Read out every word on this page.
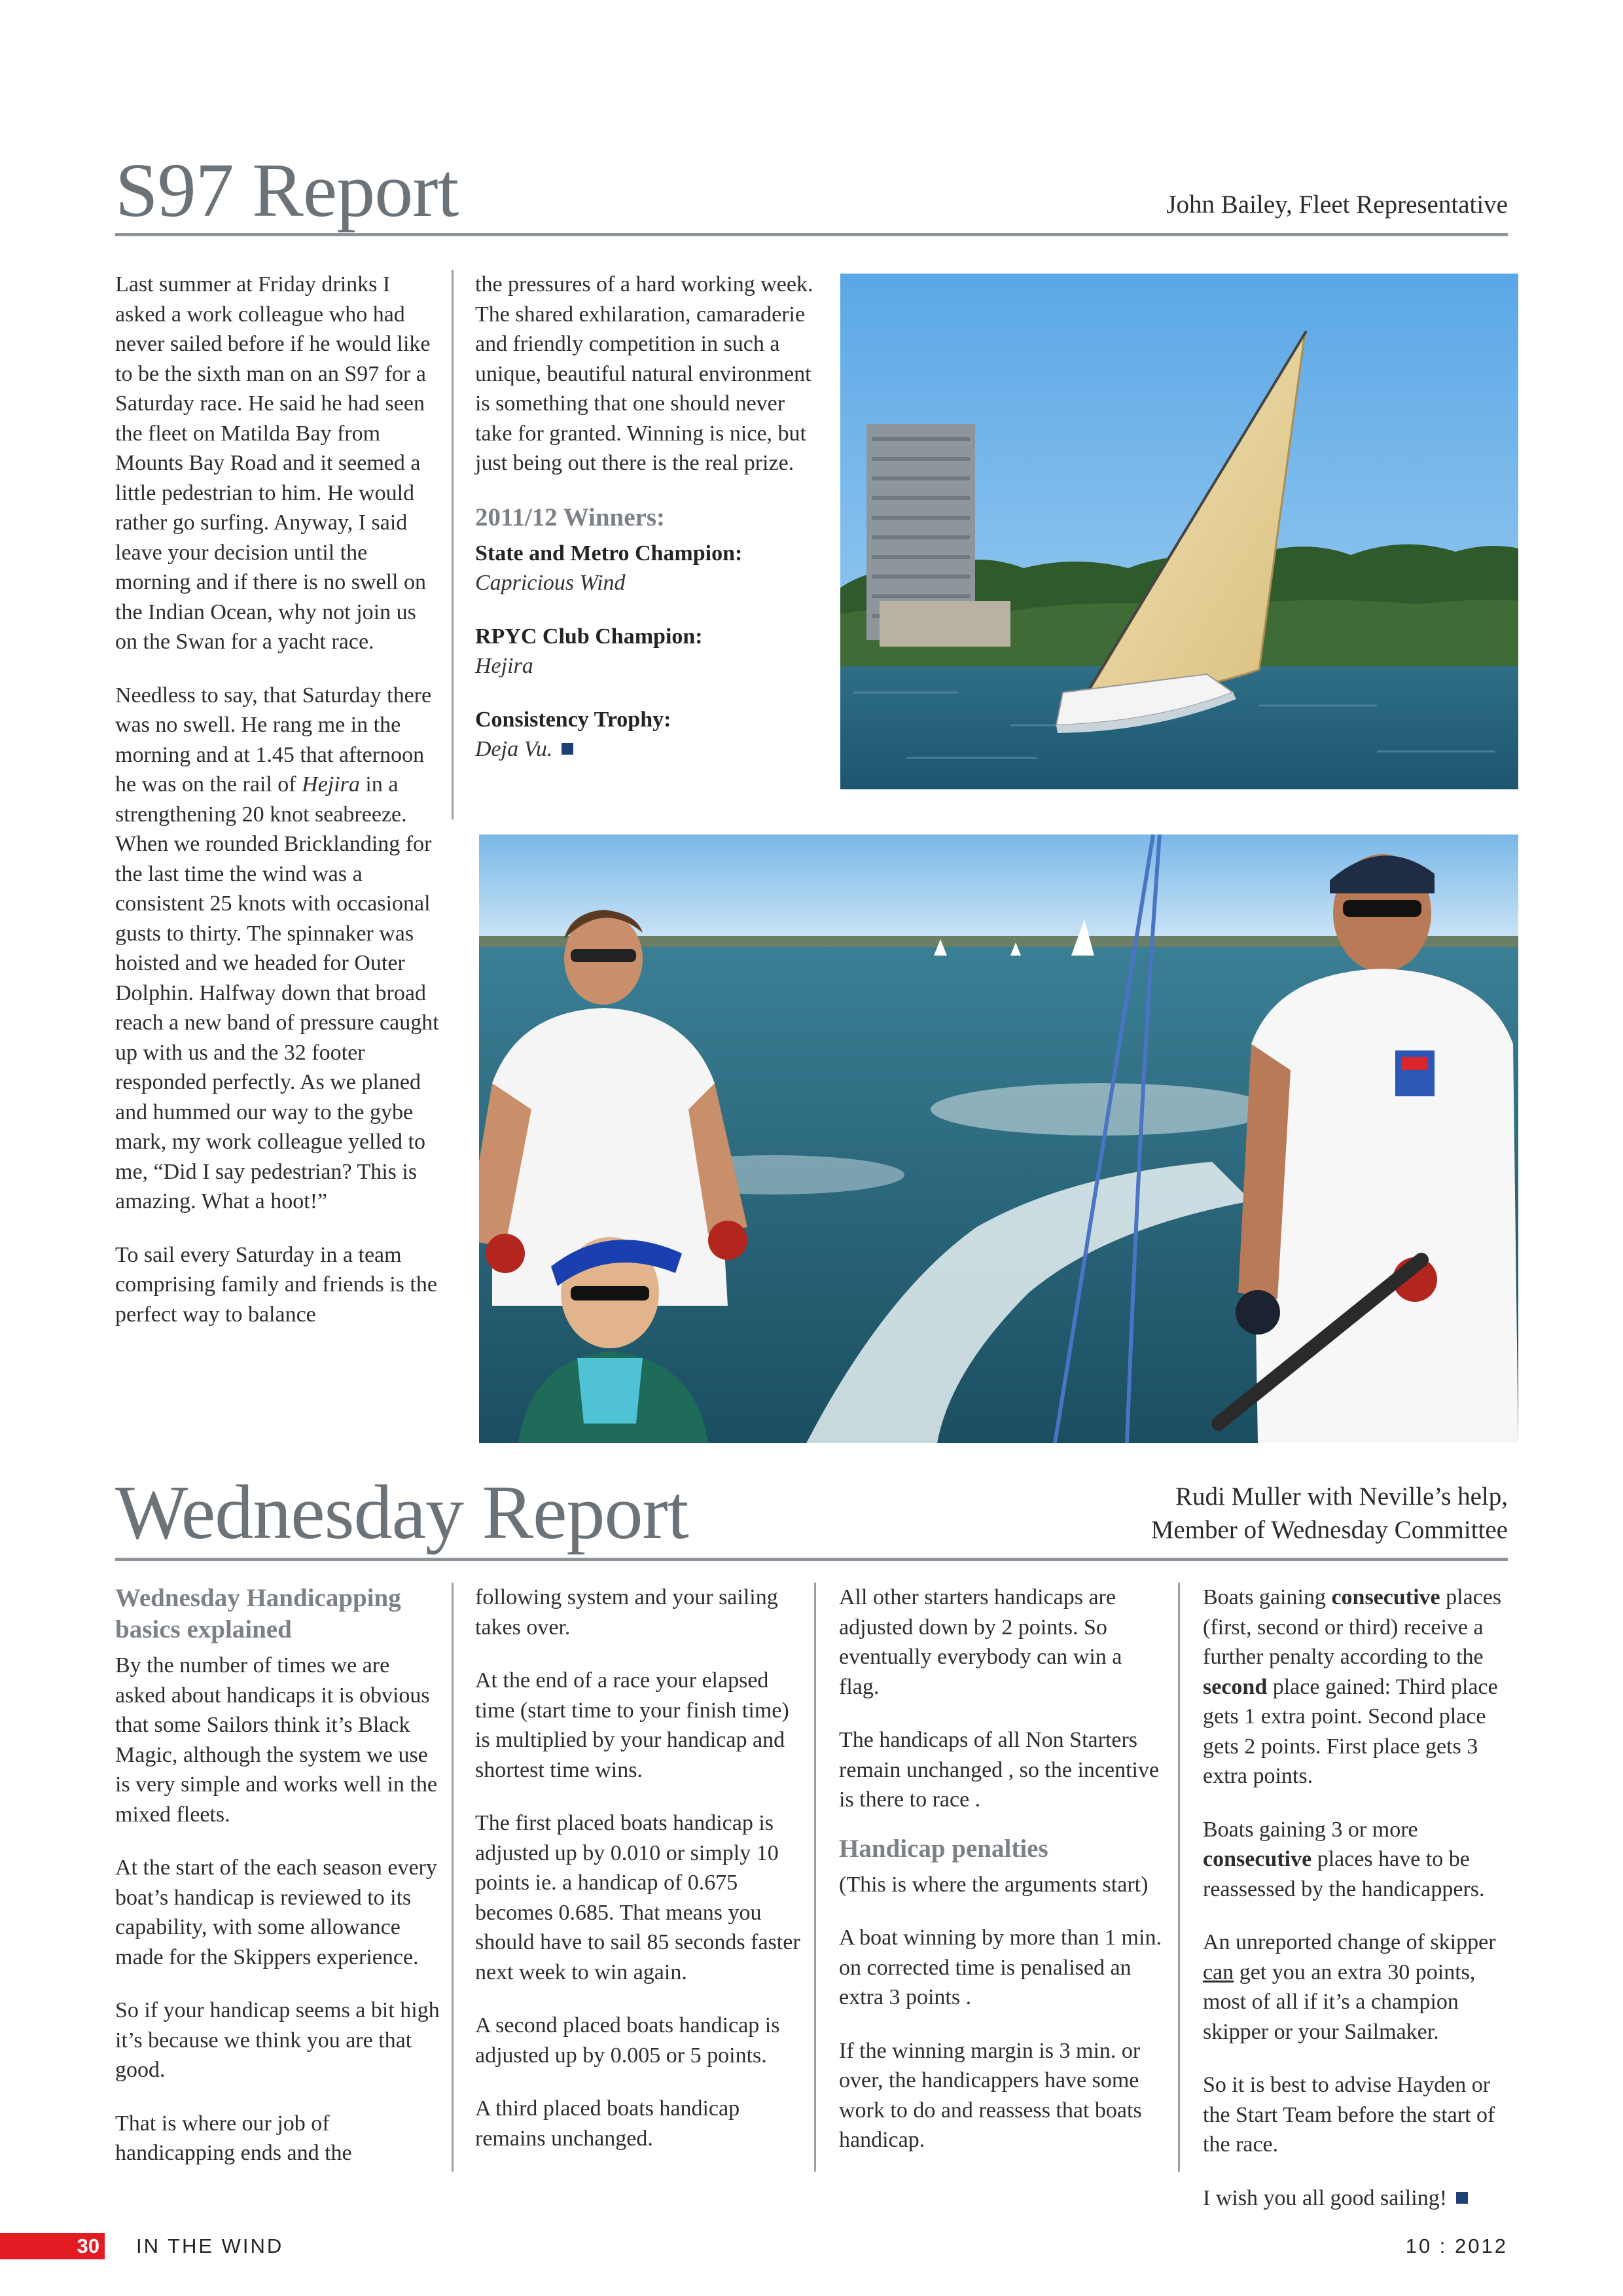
S97 Report	John Bailey, Fleet Representative

Last summer at Friday drinks I asked a work colleague who had never sailed before if he would like to be the sixth man on an S97 for a Saturday race. He said he had seen the fleet on Matilda Bay from Mounts Bay Road and it seemed a little pedestrian to him. He would rather go surfing. Anyway, I said leave your decision until the morning and if there is no swell on the Indian Ocean, why not join us on the Swan for a yacht race.

Needless to say, that Saturday there was no swell. He rang me in the morning and at 1.45 that afternoon he was on the rail of Hejira in a strengthening 20 knot seabreeze. When we rounded Bricklanding for the last time the wind was a consistent 25 knots with occasional gusts to thirty. The spinnaker was hoisted and we headed for Outer Dolphin. Halfway down that broad reach a new band of pressure caught up with us and the 32 footer responded perfectly. As we planed and hummed our way to the gybe mark, my work colleague yelled to me, “Did I say pedestrian? This is amazing. What a hoot!”

To sail every Saturday in a team comprising family and friends is the perfect way to balance

the pressures of a hard working week. The shared exhilaration, camaraderie and friendly competition in such a unique, beautiful natural environment is something that one should never take for granted. Winning is nice, but just being out there is the real prize.

2011/12 Winners:

State and Metro Champion:
Capricious Wind

RPYC Club Champion:
Hejira

Consistency Trophy:
Deja Vu.

Wednesday Report	Rudi Muller with Neville’s help,
Member of Wednesday Committee
Wednesday Handicapping basics explained

By the number of times we are asked about handicaps it is obvious that some Sailors think it’s Black Magic, although the system we use is very simple and works well in the mixed fleets.

At the start of the each season every boat’s handicap is reviewed to its capability, with some allowance made for the Skippers experience.

So if your handicap seems a bit high it’s because we think you are that good.

That is where our job of handicapping ends and the

following system and your sailing takes over.

At the end of a race your elapsed time (start time to your finish time) is multiplied by your handicap and shortest time wins.

The first placed boats handicap is adjusted up by 0.010 or simply 10 points ie. a handicap of 0.675 becomes 0.685. That means you should have to sail 85 seconds faster next week to win again.

A second placed boats handicap is adjusted up by 0.005 or 5 points.

A third placed boats handicap remains unchanged.

All other starters handicaps are adjusted down by 2 points. So eventually everybody can win a flag.

The handicaps of all Non Starters remain unchanged , so the incentive is there to race .

Handicap penalties

(This is where the arguments start)

A boat winning by more than 1 min. on corrected time is penalised an extra 3 points .

If the winning margin is 3 min. or over, the handicappers have some work to do and reassess that boats handicap.

Boats gaining consecutive places (first, second or third) receive a further penalty according to the second place gained: Third place gets 1 extra point. Second place gets 2 points. First place gets 3 extra points.

Boats gaining 3 or more consecutive places have to be reassessed by the handicappers.

An unreported change of skipper can get you an extra 30 points, most of all if it’s a champion skipper or your Sailmaker.

So it is best to advise Hayden or the Start Team before the start of the race.

I wish you all good sailing!

30 IN THE WIND	10 : 2012
